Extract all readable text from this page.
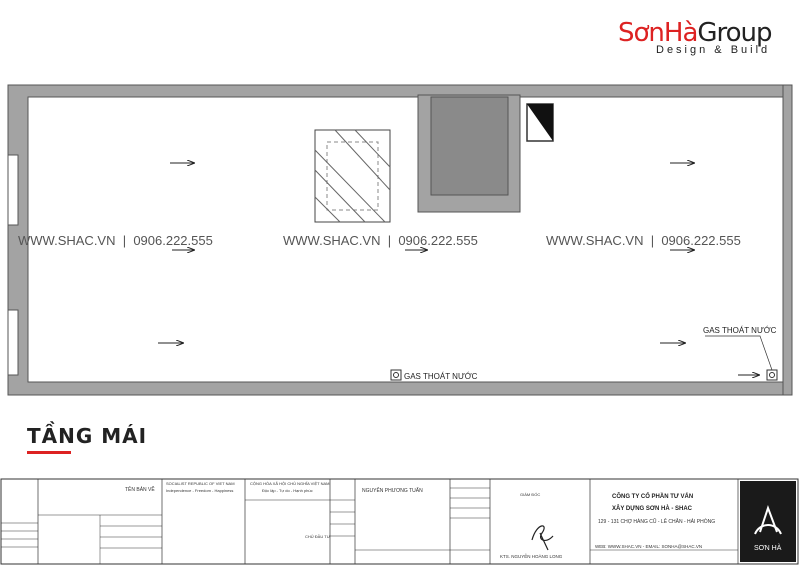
SơnHàGroup
Design & Build
GAS THOÁT NƯỚC
GAS THOÁT NƯỚC
WWW.SHAC.VN  |  0906.222.555	WWW.SHAC.VN  |  0906.222.555	WWW.SHAC.VN  |  0906.222.555
TẦNG MÁI
TÊN BẢN VẼ
CỘNG HÒA XÃ HỘI CHỦ NGHĨA VIỆT NAM
Độc lập - Tự do - Hạnh phúc
SOCIALIST REPUBLIC OF VIET NAM
Independence - Freedom - Happiness
CHỦ ĐẦU TƯ
NGUYỄN PHƯƠNG TUẤN
GIÁM ĐỐC
KTS. NGUYỄN HOÀNG LONG
CÔNG TY CỔ PHẦN TƯ VẤN
XÂY DỰNG SƠN HÀ - SHAC
129 - 131 CHỢ HÀNG CŨ - LÊ CHÂN - HẢI PHÒNG
WEB: WWW.SHAC.VN - EMAIL: SONHA@SHAC.VN	SƠN HÀ
